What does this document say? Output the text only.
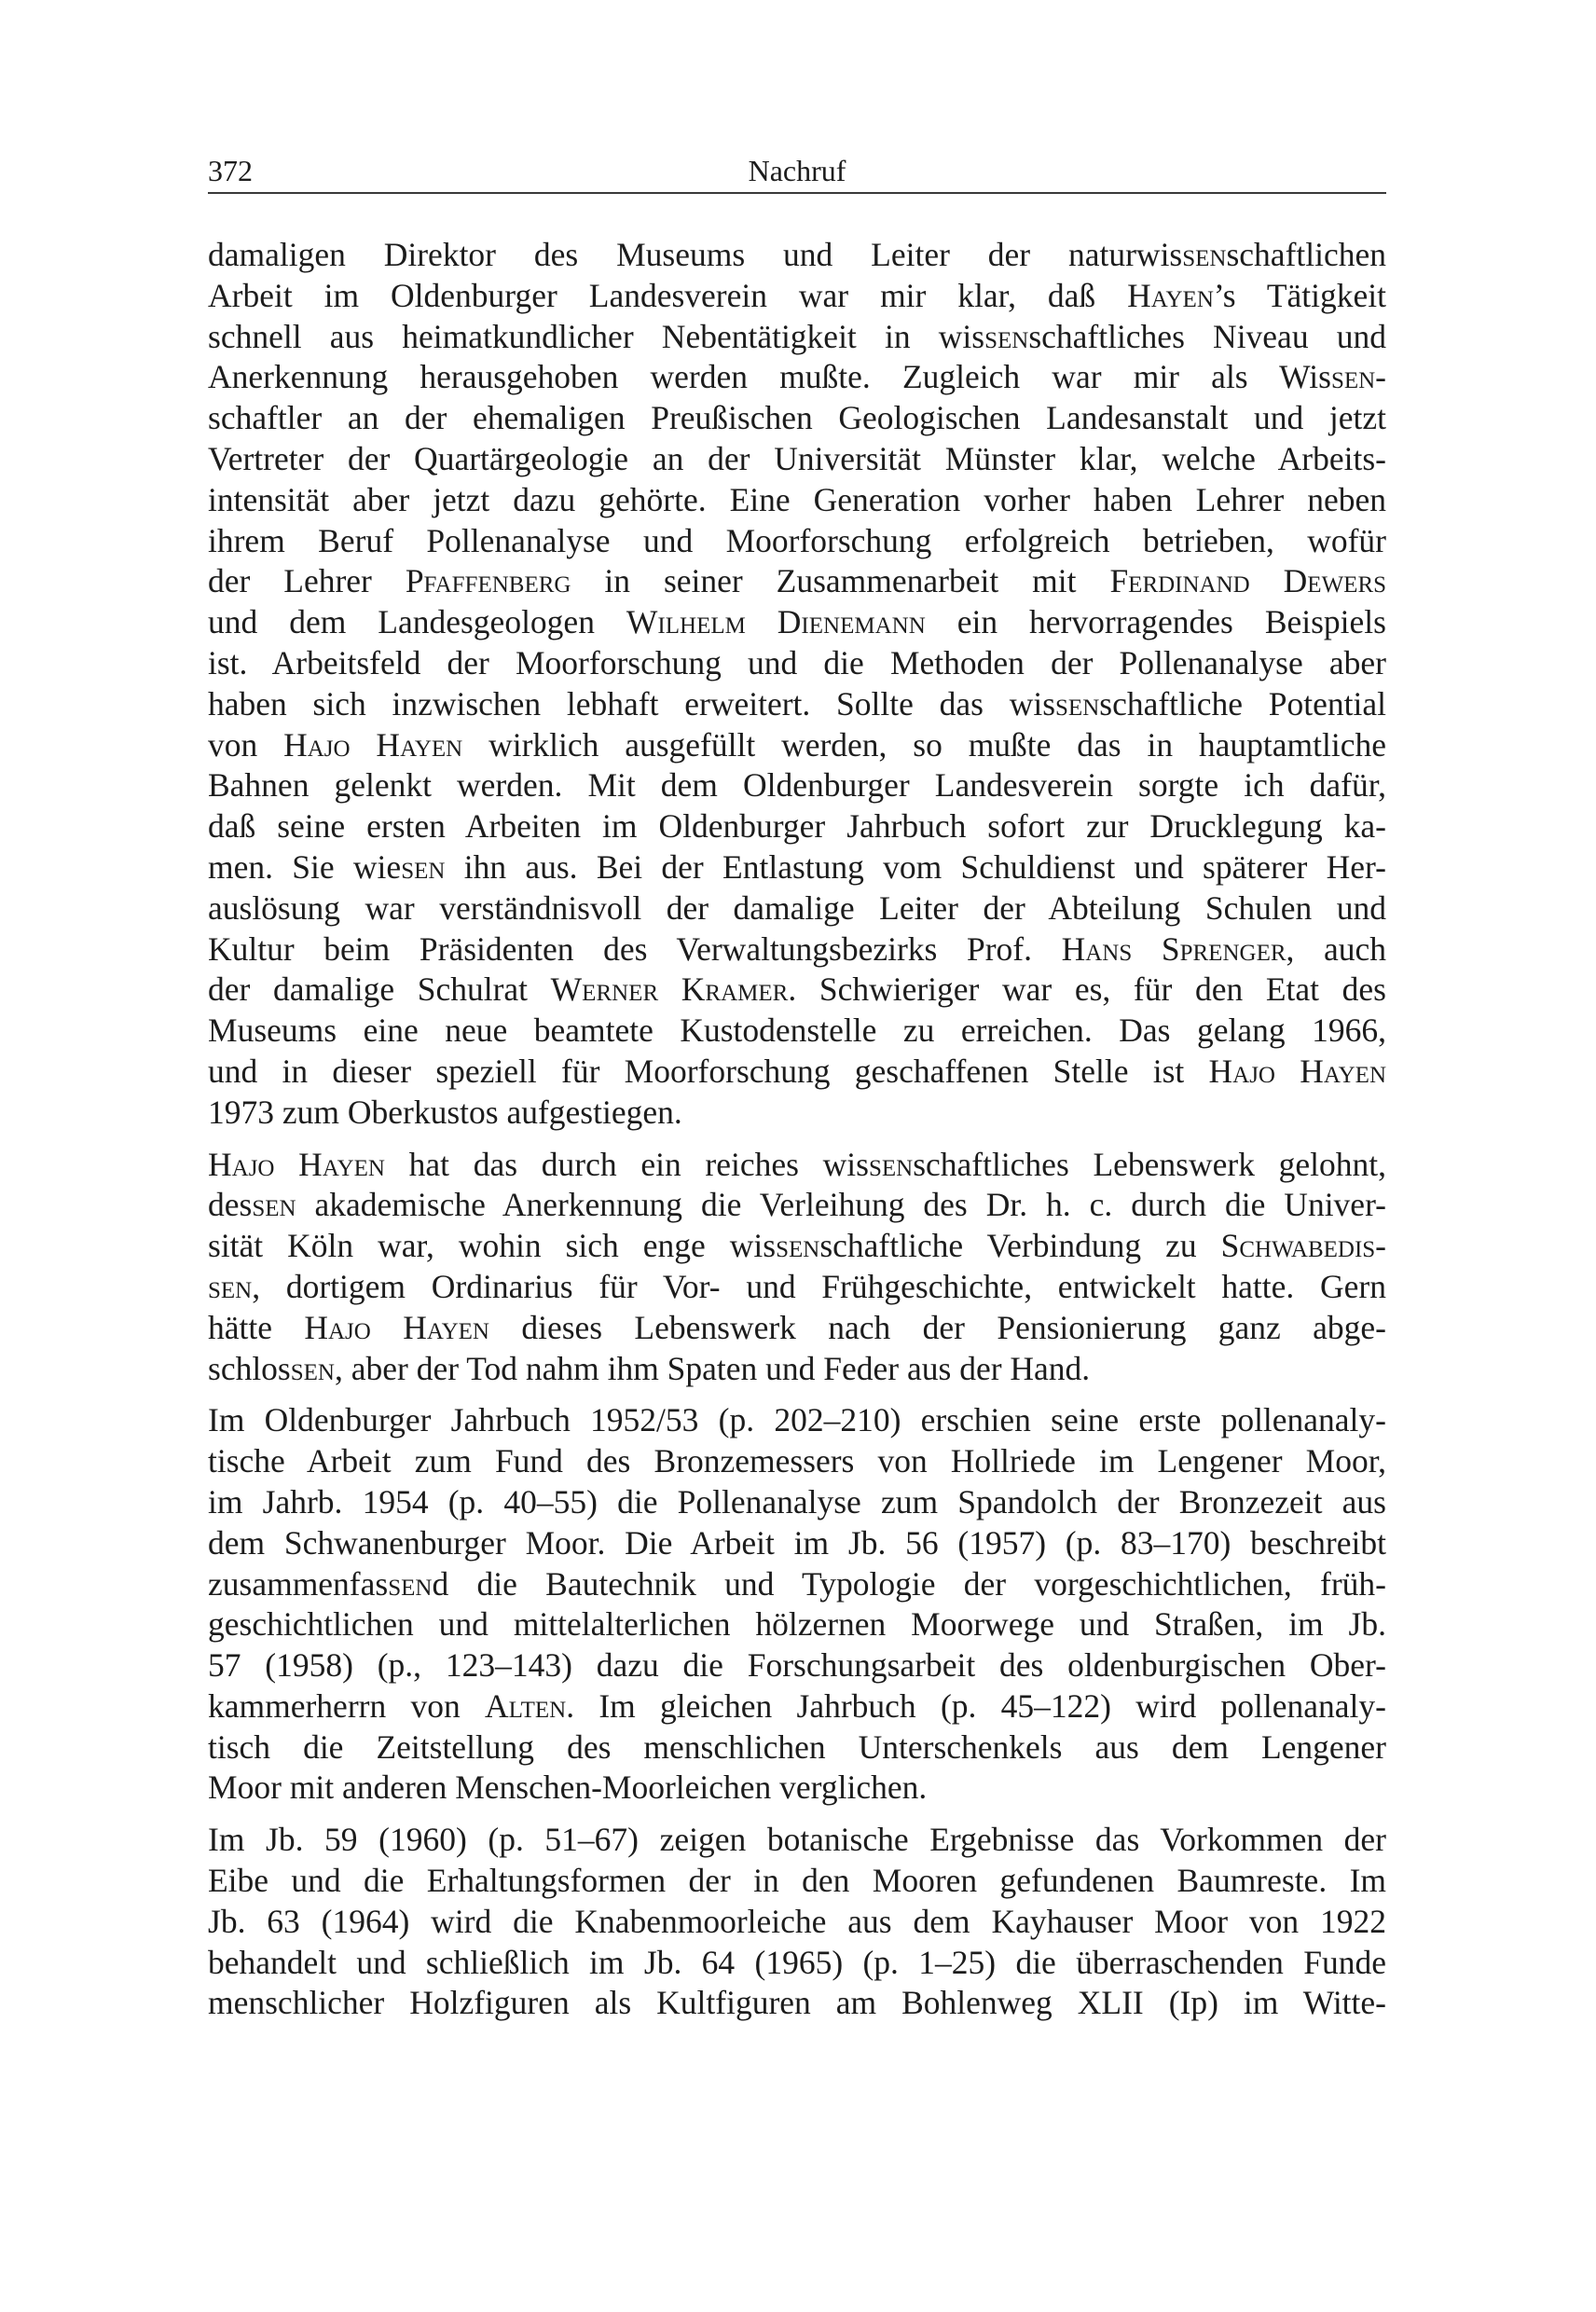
372	Nachruf

damaligen Direktor des Museums und Leiter der naturwissenschaftlichen
Arbeit im Oldenburger Landesverein war mir klar, daß Hayen’s Tätigkeit
schnell aus heimatkundlicher Nebentätigkeit in wissenschaftliches Niveau und
Anerkennung herausgehoben werden mußte. Zugleich war mir als Wissen-
schaftler an der ehemaligen Preußischen Geologischen Landesanstalt und jetzt
Vertreter der Quartärgeologie an der Universität Münster klar, welche Arbeits-
intensität aber jetzt dazu gehörte. Eine Generation vorher haben Lehrer neben
ihrem Beruf Pollenanalyse und Moorforschung erfolgreich betrieben, wofür
der Lehrer Pfaffenberg in seiner Zusammenarbeit mit Ferdinand Dewers
und dem Landesgeologen Wilhelm Dienemann ein hervorragendes Beispiels
ist. Arbeitsfeld der Moorforschung und die Methoden der Pollenanalyse aber
haben sich inzwischen lebhaft erweitert. Sollte das wissenschaftliche Potential
von Hajo Hayen wirklich ausgefüllt werden, so mußte das in hauptamtliche
Bahnen gelenkt werden. Mit dem Oldenburger Landesverein sorgte ich dafür,
daß seine ersten Arbeiten im Oldenburger Jahrbuch sofort zur Drucklegung ka-
men. Sie wiesen ihn aus. Bei der Entlastung vom Schuldienst und späterer Her-
auslösung war verständnisvoll der damalige Leiter der Abteilung Schulen und
Kultur beim Präsidenten des Verwaltungsbezirks Prof. Hans Sprenger, auch
der damalige Schulrat Werner Kramer. Schwieriger war es, für den Etat des
Museums eine neue beamtete Kustodenstelle zu erreichen. Das gelang 1966,
und in dieser speziell für Moorforschung geschaffenen Stelle ist Hajo Hayen
1973 zum Oberkustos aufgestiegen.

Hajo Hayen hat das durch ein reiches wissenschaftliches Lebenswerk gelohnt,
dessen akademische Anerkennung die Verleihung des Dr. h. c. durch die Univer-
sität Köln war, wohin sich enge wissenschaftliche Verbindung zu Schwabedis-
sen, dortigem Ordinarius für Vor- und Frühgeschichte, entwickelt hatte. Gern
hätte Hajo Hayen dieses Lebenswerk nach der Pensionierung ganz abge-
schlossen, aber der Tod nahm ihm Spaten und Feder aus der Hand.

Im Oldenburger Jahrbuch 1952/53 (p. 202–210) erschien seine erste pollenanaly-
tische Arbeit zum Fund des Bronzemessers von Hollriede im Lengener Moor,
im Jahrb. 1954 (p. 40–55) die Pollenanalyse zum Spandolch der Bronzezeit aus
dem Schwanenburger Moor. Die Arbeit im Jb. 56 (1957) (p. 83–170) beschreibt
zusammenfassend die Bautechnik und Typologie der vorgeschichtlichen, früh-
geschichtlichen und mittelalterlichen hölzernen Moorwege und Straßen, im Jb.
57 (1958) (p., 123–143) dazu die Forschungsarbeit des oldenburgischen Ober-
kammerherrn von Alten. Im gleichen Jahrbuch (p. 45–122) wird pollenanaly-
tisch die Zeitstellung des menschlichen Unterschenkels aus dem Lengener
Moor mit anderen Menschen-Moorleichen verglichen.

Im Jb. 59 (1960) (p. 51–67) zeigen botanische Ergebnisse das Vorkommen der
Eibe und die Erhaltungsformen der in den Mooren gefundenen Baumreste. Im
Jb. 63 (1964) wird die Knabenmoorleiche aus dem Kayhauser Moor von 1922
behandelt und schließlich im Jb. 64 (1965) (p. 1–25) die überraschenden Funde
menschlicher Holzfiguren als Kultfiguren am Bohlenweg XLII (Ip) im Witte-
